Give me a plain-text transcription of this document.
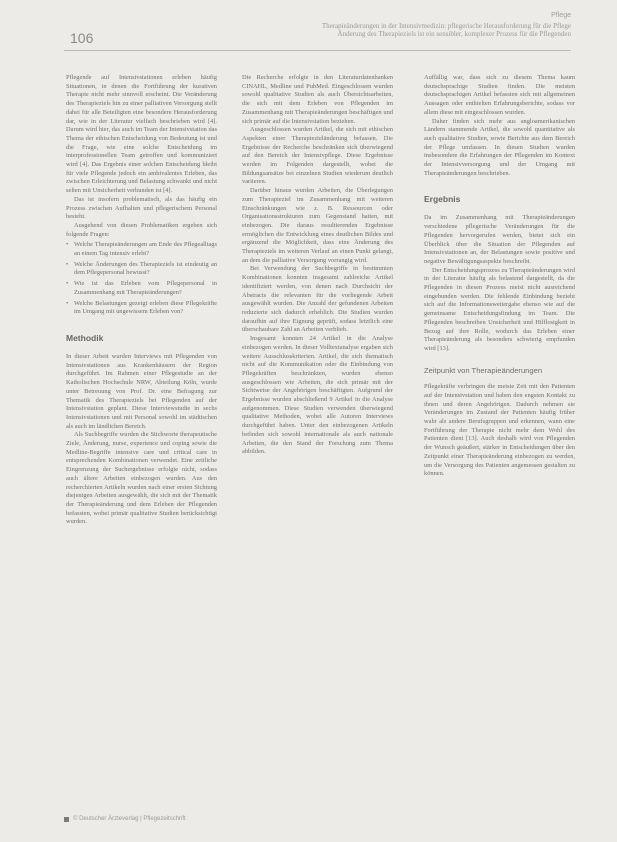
106

Pflege
Therapieänderungen in der Intensivmedizin: pflegerische Herausforderung für die Pflege
Änderung des Therapieziels ist ein sensibler, komplexer Prozess für die Pflegenden

Pflegende auf Intensivstationen erleben häufig Situationen, in denen die Fortführung der kurativen Therapie nicht mehr sinnvoll erscheint. Die Veränderung des Therapieziels hin zu einer palliativen Versorgung stellt dabei für alle Beteiligten eine besondere Herausforderung dar, wie in der Literatur vielfach beschrieben wird [4]. Darum wird hier, das auch im Team der Intensivstation das Thema der ethischen Entscheidung von Bedeutung ist und die Frage, wie eine solche Entscheidung im interprofessionellen Team getroffen und kommuniziert wird [4]. Das Ergebnis einer solchen Entscheidung bleibt für viele Pflegende jedoch ein ambivalentes Erleben, das zwischen Erleichterung und Belastung schwankt und nicht selten mit Unsicherheit verbunden ist [4].

Das ist insofern problematisch, als das häufig ein Prozess zwischen Aufhalten und pflegerischem Personal besteht.

Ausgehend von diesen Problematiken ergeben sich folgende Fragen:

• Welche Therapieänderungen am Ende des Pflegealltags an einem Tag intensiv erlebt?
• Welche Änderungen des Therapieziels ist eindeutig an dem Pflegepersonal bewusst?
• Wie ist das Erleben vom Pflegepersonal in Zusammenhang mit Therapieänderungen?
• Welche Belastungen gezeigt erleben diese Pflegekräfte im Umgang mit ungewissem Erleben von?
Methodik

In dieser Arbeit wurden Interviews mit Pflegenden von Intensivstationen aus Krankenhäusern der Region durchgeführt. Im Rahmen einer Pflegestudie an der Katholischen Hochschule NRW, Abteilung Köln, wurde unter Betreuung von Prof. Dr. eine Befragung zur Thematik des Therapieziels bei Pflegenden auf der Intensivstation geplant. Diese Interviewstudie in sechs Intensivstationen und mit Personal sowohl im städtischen als auch im ländlichen Bereich.

Als Suchbegriffe wurden die Stichworte therapeutische Ziele, Änderung, nurse, experience und coping sowie die Medline-Begriffe intensive care und critical care in entsprechenden Kombinationen verwendet. Eine zeitliche Eingrenzung der Suchergebnisse erfolgte nicht, sodass auch ältere Arbeiten einbezogen wurden. Aus den recherchierten Artikeln wurden nach einer ersten Sichtung diejenigen Arbeiten ausgewählt, die sich mit der Thematik der Therapieänderung und dem Erleben der Pflegenden befassten, wobei primär qualitative Studien berücksichtigt wurden.

Die Recherche erfolgte in den Literaturdatenbanken CINAHL, Medline und PubMed. Eingeschlossen wurden sowohl qualitative Studien als auch Übersichtsarbeiten, die sich mit dem Erleben von Pflegenden im Zusammenhang mit Therapieänderungen beschäftigen und sich primär auf die Intensivstation beziehen.

Ausgeschlossen wurden Artikel, die sich mit ethischen Aspekten einer Therapiezieländerung befassen. Die Ergebnisse der Recherche beschränken sich überwiegend auf den Bereich der Intensivpflege. Diese Ergebnisse werden im Folgenden dargestellt, wobei die Bildungsansätze bei einzelnen Studien wiederum deutlich variieren.

Darüber hinaus wurden Arbeiten, die Überlegungen zum Therapieziel im Zusammenhang mit weiteren Einschränkungen wie z. B. Ressourcen oder Organisationsstrukturen zum Gegenstand hatten, mit einbezogen. Die daraus resultierenden Ergebnisse ermöglichen die Entwicklung eines deutlichen Bildes und ergänzend die Möglichkeit, dass eine Änderung des Therapieziels im weiteren Verlauf an einen Punkt gelangt, an dem die palliative Versorgung vorrangig wird.

Bei Verwendung der Suchbegriffe in bestimmten Kombinationen konnten insgesamt zahlreiche Artikel identifiziert werden, von denen nach Durchsicht der Abstracts die relevanten für die vorliegende Arbeit ausgewählt wurden. Die Anzahl der gefundenen Arbeiten reduzierte sich dadurch erheblich. Die Studien wurden daraufhin auf ihre Eignung geprüft, sodass letztlich eine überschaubare Zahl an Arbeiten verblieb.

Insgesamt konnten 24 Artikel in die Analyse einbezogen werden. In dieser Volltextanalyse ergaben sich weitere Ausschlusskriterien. Artikel, die sich thematisch nicht auf die Kommunikation oder die Einbindung von Pflegekräften beschränkten, wurden ebenso ausgeschlossen wie Arbeiten, die sich primär mit der Sichtweise der Angehörigen beschäftigten. Aufgrund der Ergebnisse wurden abschließend 9 Artikel in die Analyse aufgenommen. Diese Studien verwenden überwiegend qualitative Methoden, wobei alle Autoren Interviews durchgeführt haben. Unter den einbezogenen Artikeln befinden sich sowohl internationale als auch nationale Arbeiten, die den Stand der Forschung zum Thema abbilden.

Auffällig war, dass sich zu diesem Thema kaum deutschsprachige Studien finden. Die meisten deutschsprachigen Artikel befassten sich mit allgemeinen Aussagen oder enthielten Erfahrungsberichte, sodass vor allem diese mit eingeschlossen wurden.

Daher finden sich mehr aus angloamerikanischen Ländern stammende Artikel, die sowohl quantitative als auch qualitative Studien, sowie Berichte aus dem Bereich der Pflege umfassen. In diesen Studien wurden insbesondere die Erfahrungen der Pflegenden im Kontext der Intensivversorgung und der Umgang mit Therapieänderungen beschrieben.

Ergebnis

Da im Zusammenhang mit Therapieänderungen verschiedene pflegerische Veränderungen für die Pflegenden hervorgerufen werden, bietet sich ein Überblick über die Situation der Pflegenden auf Intensivstationen an, der Belastungen sowie positive und negative Bewältigungsaspekte beschreibt.

Der Entscheidungsprozess zu Therapieänderungen wird in der Literatur häufig als belastend dargestellt, da die Pflegenden in diesen Prozess meist nicht ausreichend eingebunden werden. Die fehlende Einbindung bezieht sich auf die Informationsweitergabe ebenso wie auf die gemeinsame Entscheidungsfindung im Team. Die Pflegenden beschreiben Unsicherheit und Hilflosigkeit in Bezug auf ihre Rolle, wodurch das Erleben einer Therapieänderung als besonders schwierig empfunden wird [13].

Zeitpunkt von Therapieänderungen

Pflegekräfte verbringen die meiste Zeit mit den Patienten auf der Intensivstation und haben den engsten Kontakt zu ihnen und deren Angehörigen. Dadurch nehmen sie Veränderungen im Zustand der Patienten häufig früher wahr als andere Berufsgruppen und erkennen, wann eine Fortführung der Therapie nicht mehr dem Wohl des Patienten dient [13]. Auch deshalb wird von Pflegenden der Wunsch geäußert, stärker in Entscheidungen über den Zeitpunkt einer Therapieänderung einbezogen zu werden, um die Versorgung des Patienten angemessen gestalten zu können.

© Deutscher Ärzteverlag | Pflegezeitschrift
